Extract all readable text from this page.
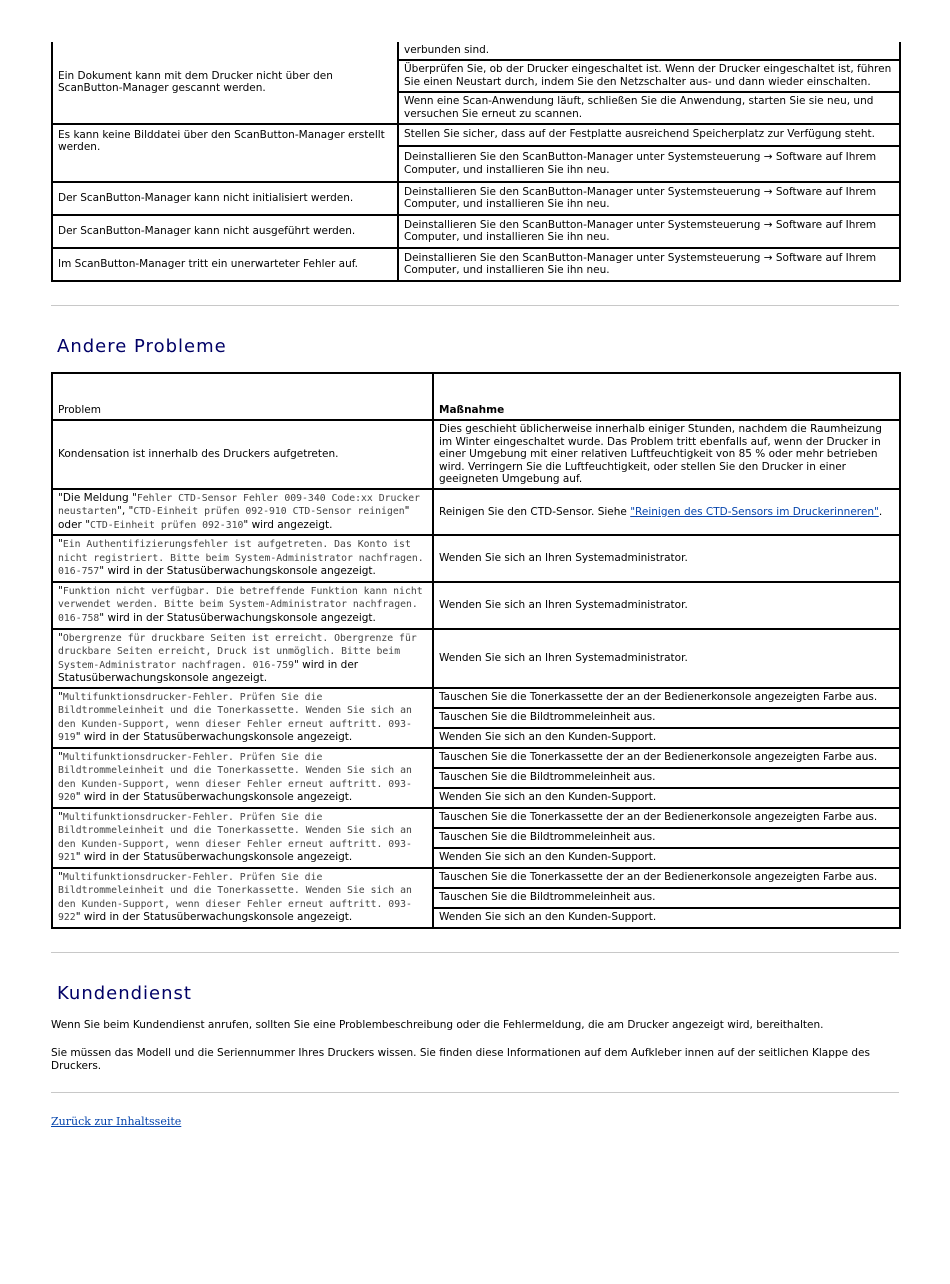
Ein Dokument kann mit dem Drucker nicht über den ScanButton-Manager gescannt werden.	verbunden sind.
	Überprüfen Sie, ob der Drucker eingeschaltet ist. Wenn der Drucker eingeschaltet ist, führen Sie einen Neustart durch, indem Sie den Netzschalter aus- und dann wieder einschalten.
	Wenn eine Scan-Anwendung läuft, schließen Sie die Anwendung, starten Sie sie neu, und versuchen Sie erneut zu scannen.
Es kann keine Bilddatei über den ScanButton-Manager erstellt werden.	Stellen Sie sicher, dass auf der Festplatte ausreichend Speicherplatz zur Verfügung steht.
	Deinstallieren Sie den ScanButton-Manager unter Systemsteuerung → Software auf Ihrem Computer, und installieren Sie ihn neu.
Der ScanButton-Manager kann nicht initialisiert werden.	Deinstallieren Sie den ScanButton-Manager unter Systemsteuerung → Software auf Ihrem Computer, und installieren Sie ihn neu.
Der ScanButton-Manager kann nicht ausgeführt werden.	Deinstallieren Sie den ScanButton-Manager unter Systemsteuerung → Software auf Ihrem Computer, und installieren Sie ihn neu.
Im ScanButton-Manager tritt ein unerwarteter Fehler auf.	Deinstallieren Sie den ScanButton-Manager unter Systemsteuerung → Software auf Ihrem Computer, und installieren Sie ihn neu.
Andere Probleme
Problem	Maßnahme
Kondensation ist innerhalb des Druckers aufgetreten.	Dies geschieht üblicherweise innerhalb einiger Stunden, nachdem die Raumheizung im Winter eingeschaltet wurde. Das Problem tritt ebenfalls auf, wenn der Drucker in einer Umgebung mit einer relativen Luftfeuchtigkeit von 85 % oder mehr betrieben wird. Verringern Sie die Luftfeuchtigkeit, oder stellen Sie den Drucker in einer geeigneten Umgebung auf.
"Die Meldung "Fehler CTD-Sensor Fehler 009-340 Code:xx Drucker neustarten", "CTD-Einheit prüfen 092-910 CTD-Sensor reinigen" oder "CTD-Einheit prüfen 092-310" wird angezeigt.	Reinigen Sie den CTD-Sensor. Siehe "Reinigen des CTD-Sensors im Druckerinneren".
"Ein Authentifizierungsfehler ist aufgetreten. Das Konto ist nicht registriert. Bitte beim System-Administrator nachfragen. 016-757" wird in der Statusüberwachungskonsole angezeigt.	Wenden Sie sich an Ihren Systemadministrator.
"Funktion nicht verfügbar. Die betreffende Funktion kann nicht verwendet werden. Bitte beim System-Administrator nachfragen. 016-758" wird in der Statusüberwachungskonsole angezeigt.	Wenden Sie sich an Ihren Systemadministrator.
"Obergrenze für druckbare Seiten ist erreicht. Obergrenze für druckbare Seiten erreicht, Druck ist unmöglich. Bitte beim System-Administrator nachfragen. 016-759" wird in der Statusüberwachungskonsole angezeigt.	Wenden Sie sich an Ihren Systemadministrator.
"Multifunktionsdrucker-Fehler. Prüfen Sie die Bildtrommeleinheit und die Tonerkassette. Wenden Sie sich an den Kunden-Support, wenn dieser Fehler erneut auftritt. 093-919" wird in der Statusüberwachungskonsole angezeigt.	Tauschen Sie die Tonerkassette der an der Bedienerkonsole angezeigten Farbe aus.
	Tauschen Sie die Bildtrommeleinheit aus.
	Wenden Sie sich an den Kunden-Support.
"Multifunktionsdrucker-Fehler. Prüfen Sie die Bildtrommeleinheit und die Tonerkassette. Wenden Sie sich an den Kunden-Support, wenn dieser Fehler erneut auftritt. 093-920" wird in der Statusüberwachungskonsole angezeigt.	Tauschen Sie die Tonerkassette der an der Bedienerkonsole angezeigten Farbe aus.
	Tauschen Sie die Bildtrommeleinheit aus.
	Wenden Sie sich an den Kunden-Support.
"Multifunktionsdrucker-Fehler. Prüfen Sie die Bildtrommeleinheit und die Tonerkassette. Wenden Sie sich an den Kunden-Support, wenn dieser Fehler erneut auftritt. 093-921" wird in der Statusüberwachungskonsole angezeigt.	Tauschen Sie die Tonerkassette der an der Bedienerkonsole angezeigten Farbe aus.
	Tauschen Sie die Bildtrommeleinheit aus.
	Wenden Sie sich an den Kunden-Support.
"Multifunktionsdrucker-Fehler. Prüfen Sie die Bildtrommeleinheit und die Tonerkassette. Wenden Sie sich an den Kunden-Support, wenn dieser Fehler erneut auftritt. 093-922" wird in der Statusüberwachungskonsole angezeigt.	Tauschen Sie die Tonerkassette der an der Bedienerkonsole angezeigten Farbe aus.
	Tauschen Sie die Bildtrommeleinheit aus.
	Wenden Sie sich an den Kunden-Support.
Kundendienst
Wenn Sie beim Kundendienst anrufen, sollten Sie eine Problembeschreibung oder die Fehlermeldung, die am Drucker angezeigt wird, bereithalten.
Sie müssen das Modell und die Seriennummer Ihres Druckers wissen. Sie finden diese Informationen auf dem Aufkleber innen auf der seitlichen Klappe des Druckers.
Zurück zur Inhaltsseite
